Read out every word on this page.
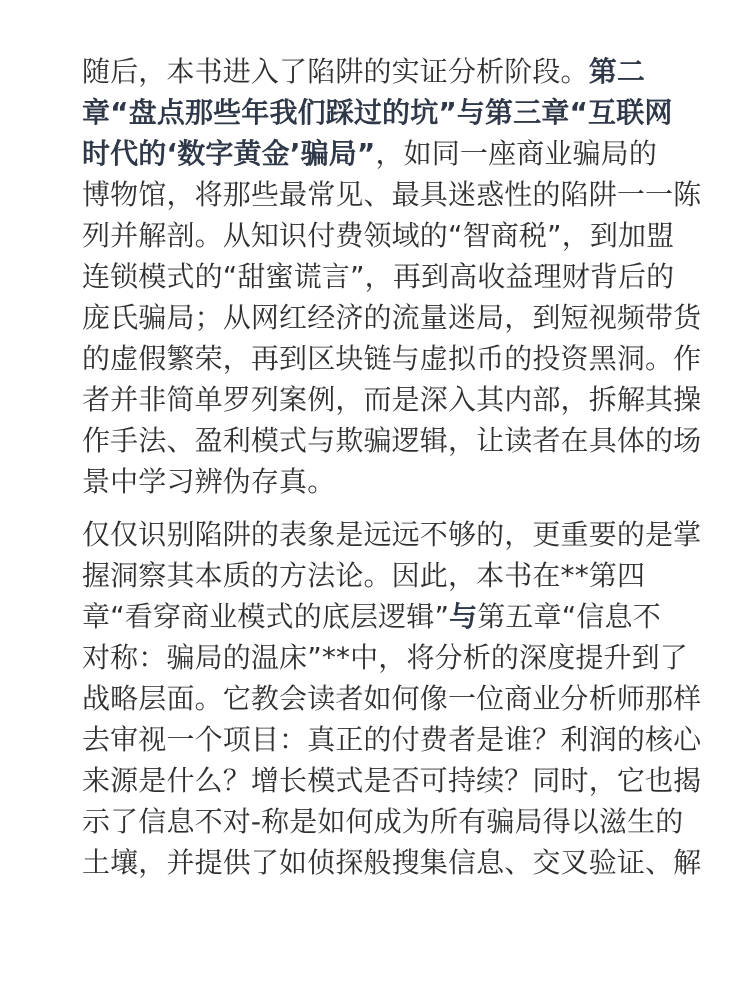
随后，本书进入了陷阱的实证分析阶段。第二
章“盘点那些年我们踩过的坑”与第三章“互联网
时代的‘数字黄金’骗局”，如同一座商业骗局的
博物馆，将那些最常见、最具迷惑性的陷阱一一陈
列并解剖。从知识付费领域的“智商税”，到加盟
连锁模式的“甜蜜谎言”，再到高收益理财背后的
庞氏骗局；从网红经济的流量迷局，到短视频带货
的虚假繁荣，再到区块链与虚拟币的投资黑洞。作
者并非简单罗列案例，而是深入其内部，拆解其操
作手法、盈利模式与欺骗逻辑，让读者在具体的场
景中学习辨伪存真。

仅仅识别陷阱的表象是远远不够的，更重要的是掌
握洞察其本质的方法论。因此，本书在**第四
章“看穿商业模式的底层逻辑”与第五章“信息不
对称：骗局的温床”**中，将分析的深度提升到了
战略层面。它教会读者如何像一位商业分析师那样
去审视一个项目：真正的付费者是谁？利润的核心
来源是什么？增长模式是否可持续？同时，它也揭
示了信息不对-称是如何成为所有骗局得以滋生的
土壤，并提供了如侦探般搜集信息、交叉验证、解
